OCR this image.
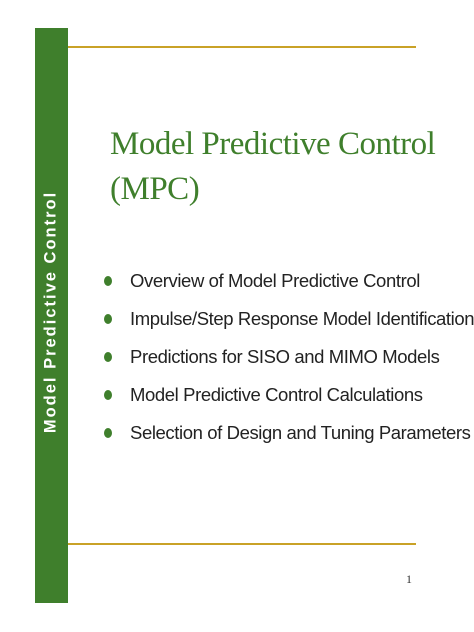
Model Predictive Control
Model Predictive Control
(MPC)
Overview of Model Predictive Control
Impulse/Step Response Model Identification
Predictions for SISO and MIMO Models
Model Predictive Control Calculations
Selection of Design and Tuning Parameters
1
